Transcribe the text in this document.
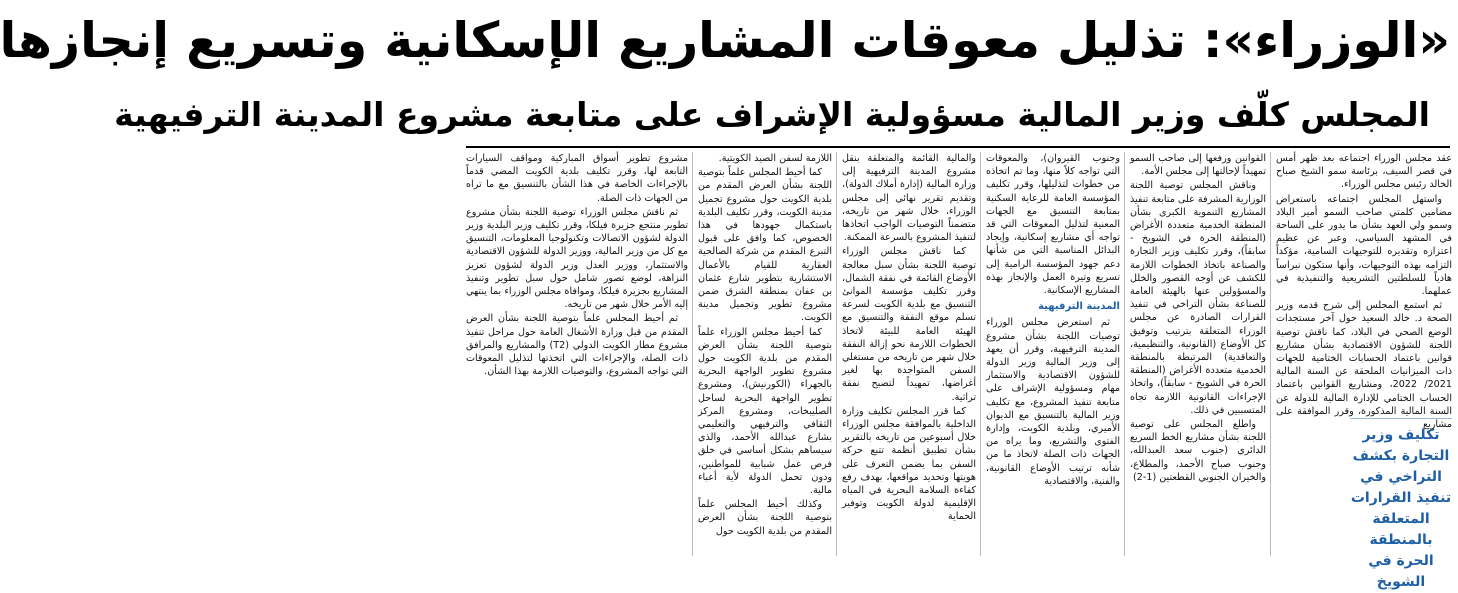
«الوزراء»: تذليل معوقات المشاريع الإسكانية وتسريع إنجازها
المجلس كلّف وزير المالية مسؤولية الإشراف على متابعة مشروع المدينة الترفيهية

عقد مجلس الوزراء اجتماعه بعد ظهر أمس في قصر السيف، برئاسة سمو الشيخ صباح الخالد رئيس مجلس الوزراء.

واستهل المجلس اجتماعه باستعراض مضامين كلمتي صاحب السمو أمير البلاد وسمو ولي العهد بشأن ما يدور على الساحة في المشهد السياسي، وعبر عن عظيم اعتزازه وتقديره للتوجيهات السامية، مؤكداً التزامه بهذه التوجيهات، وأنها ستكون نبراساً هادياً للسلطتين التشريعية والتنفيذية في عملهما.

ثم استمع المجلس إلى شرح قدمه وزير الصحة د. خالد السعيد حول آخر مستجدات الوضع الصحي في البلاد، كما ناقش توصية اللجنة للشؤون الاقتصادية بشأن مشاريع قوانين باعتماد الحسابات الختامية للجهات ذات الميزانيات الملحقة عن السنة المالية 2021/ 2022، ومشاريع القوانين باعتماد الحساب الختامي للإدارة المالية للدولة عن السنة المالية المذكورة، وقرر الموافقة على مشاريع

تكليف وزير التجارة بكشف التراخي في تنفيذ القرارات المتعلقة بالمنطقة الحرة في الشويخ

القوانين ورفعها إلى صاحب السمو تمهيداً لإحالتها إلى مجلس الأمة.

وناقش المجلس توصية اللجنة الوزارية المشرفة على متابعة تنفيذ المشاريع التنموية الكبرى بشأن المنطقة الخدمية متعددة الأغراض (المنطقة الحرة في الشويخ - سابقاً)، وقرر تكليف وزير التجارة والصناعة باتخاذ الخطوات اللازمة للكشف عن أوجه القصور والخلل والمسؤولين عنها بالهيئة العامة للصناعة بشأن التراخي في تنفيذ القرارات الصادرة عن مجلس الوزراء المتعلقة بترتيب وتوفيق كل الأوضاع (القانونية، والتنظيمية، والتعاقدية) المرتبطة بالمنطقة الخدمية متعددة الأغراض (المنطقة الحرة في الشويخ - سابقاً)، واتخاذ الإجراءات القانونية اللازمة تجاه المتسببين في ذلك.

واطلع المجلس على توصية اللجنة بشأن مشاريع الخط السريع الدائري (جنوب سعد العبدالله، وجنوب صباح الأحمد، والمطلاع، والخيران الجنوبي القطعتين (1-2)

وجنوب القيروان)، والمعوقات التي تواجه كلاً منها، وما تم اتخاذه من خطوات لتذليلها، وقرر تكليف المؤسسة العامة للرعاية السكنية بمتابعة التنسيق مع الجهات المعنية لتذليل المعوقات التي قد تواجه أي مشاريع إسكانية، وإيجاد البدائل المناسبة التي من شأنها دعم جهود المؤسسة الرامية إلى تسريع وتيرة العمل والإنجاز بهذه المشاريع الإسكانية.

المدينة الترفيهية

ثم استعرض مجلس الوزراء توصيات اللجنة بشأن مشروع المدينة الترفيهية، وقرر أن يعهد إلى وزير المالية وزير الدولة للشؤون الاقتصادية والاستثمار مهام ومسؤولية الإشراف على متابعة تنفيذ المشروع، مع تكليف وزير المالية بالتنسيق مع الديوان الأميري، وبلدية الكويت، وإدارة الفتوى والتشريع، وما يراه من الجهات ذات الصلة لاتخاذ ما من شأنه ترتيب الأوضاع القانونية، والفنية، والاقتصادية

والمالية القائمة والمتعلقة بنقل مشروع المدينة الترفيهية إلى وزارة المالية (إدارة أملاك الدولة)، وتقديم تقرير نهائي إلى مجلس الوزراء، خلال شهر من تاريخه، متضمناً التوصيات الواجب اتخاذها لتنفيذ المشروع بالسرعة الممكنة.

كما ناقش مجلس الوزراء توصية اللجنة بشأن سبل معالجة الأوضاع القائمة في نفقة الشمال، وقرر تكليف مؤسسة الموانئ التنسيق مع بلدية الكويت لسرعة تسلم موقع النفقة والتنسيق مع الهيئة العامة للبيئة لاتخاذ الخطوات اللازمة نحو إزالة النفقة خلال شهر من تاريخه من مستغلي السفن المتواجدة بها لغير أغراضها، تمهيداً لتصبح نفقة تراثية.

كما قرر المجلس تكليف وزارة الداخلية بالموافقة مجلس الوزراء خلال أسبوعين من تاريخه بالتقرير بشأن تطبيق أنظمة تتبع حركة السفن بما يضمن التعرف على هويتها وتحديد مواقعها، بهدف رفع كفاءة السلامة البحرية في المياه الإقليمية لدولة الكويت وتوفير الحماية

اللازمة لسفن الصيد الكويتية.

كما أحيط المجلس علماً بتوصية اللجنة بشأن العرض المقدم من بلدية الكويت حول مشروع تجميل مدينة الكويت، وقرر تكليف البلدية باستكمال جهودها في هذا الخصوص، كما وافق على قبول التبرع المقدم من شركة الصالحية العقارية للقيام بالأعمال الاستشارية بتطوير شارع عثمان بن عفان بمنطقة الشرق ضمن مشروع تطوير وتجميل مدينة الكويت.

كما أحيط مجلس الوزراء علماً بتوصية اللجنة بشأن العرض المقدم من بلدية الكويت حول مشروع تطوير الواجهة البحرية بالجهراء (الكورنيش)، ومشروع تطوير الواجهة البحرية لساحل الصليبخات، ومشروع المركز الثقافي والترفيهي والتعليمي بشارع عبدالله الأحمد، والذي سيساهم بشكل أساسي في خلق فرص عمل شبابية للمواطنين، ودون تحمل الدولة لأية أعباء مالية.

وكذلك أحيط المجلس علماً بتوصية اللجنة بشأن العرض المقدم من بلدية الكويت حول

مشروع تطوير أسواق المباركية ومواقف السيارات التابعة لها، وقرر تكليف بلدية الكويت المضي قدماً بالإجراءات الخاصة في هذا الشأن بالتنسيق مع ما تراه من الجهات ذات الصلة.

ثم ناقش مجلس الوزراء توصية اللجنة بشأن مشروع تطوير منتجع جزيرة فيلكا، وقرر تكليف وزير البلدية وزير الدولة لشؤون الاتصالات وتكنولوجيا المعلومات، التنسيق مع كل من وزير المالية، ووزير الدولة للشؤون الاقتصادية والاستثمار، ووزير العدل وزير الدولة لشؤون تعزيز النزاهة، لوضع تصور شامل حول سبل تطوير وتنفيذ المشاريع بجزيرة فيلكا، وموافاة مجلس الوزراء بما ينتهي إليه الأمر خلال شهر من تاريخه.

ثم أحيط المجلس علماً بتوصية اللجنة بشأن العرض المقدم من قبل وزارة الأشغال العامة حول مراحل تنفيذ مشروع مطار الكويت الدولي (T2) والمشاريع والمرافق ذات الصلة، والإجراءات التي اتخذتها لتذليل المعوقات التي تواجه المشروع، والتوصيات اللازمة بهذا الشأن.
